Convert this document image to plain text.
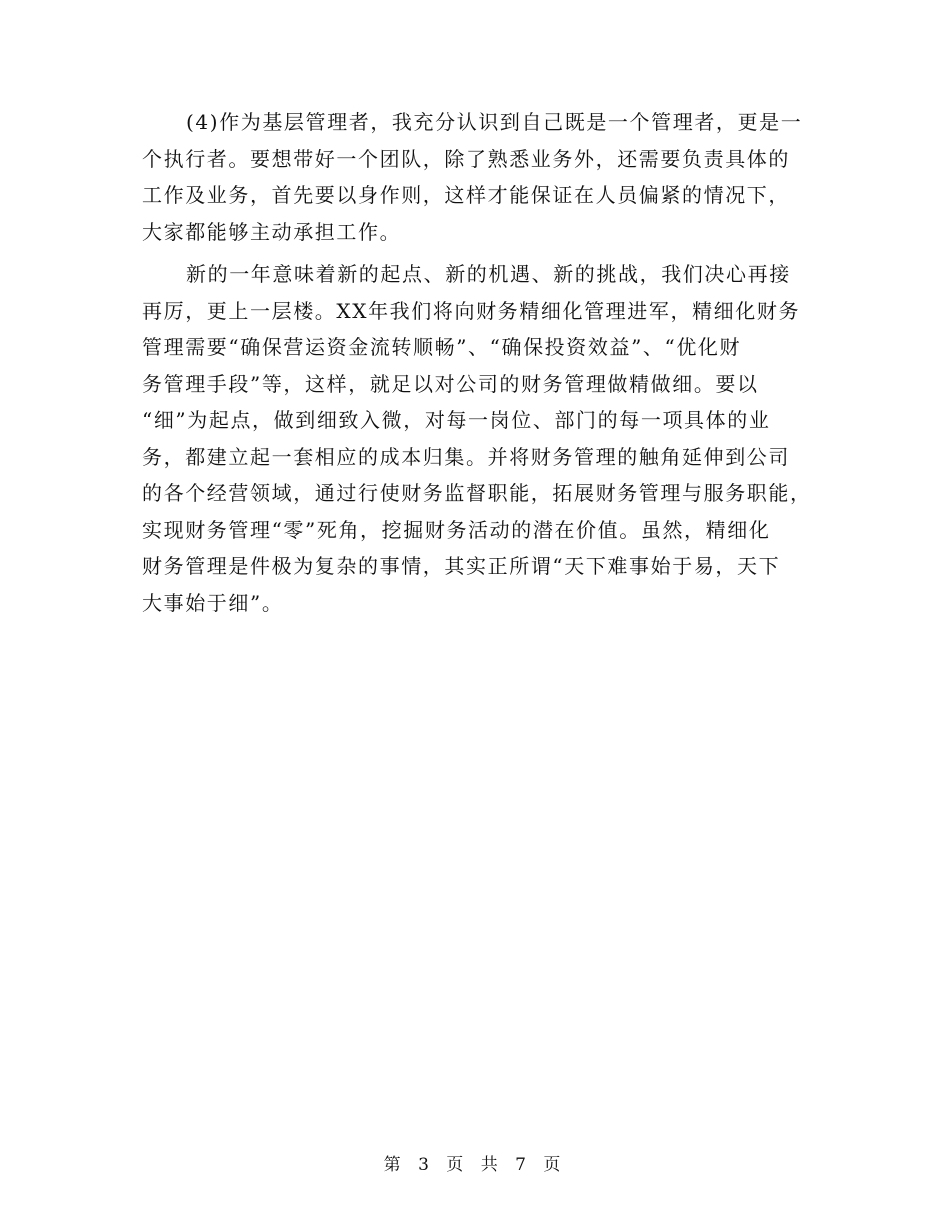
(4)作为基层管理者，我充分认识到自己既是一个管理者，更是一
个执行者。要想带好一个团队，除了熟悉业务外，还需要负责具体的
工作及业务，首先要以身作则，这样才能保证在人员偏紧的情况下，
大家都能够主动承担工作。
新的一年意味着新的起点、新的机遇、新的挑战，我们决心再接
再厉，更上一层楼。XX年我们将向财务精细化管理进军，精细化财务
管理需要“确保营运资金流转顺畅”、“确保投资效益”、“优化财
务管理手段”等，这样，就足以对公司的财务管理做精做细。要以
“细”为起点，做到细致入微，对每一岗位、部门的每一项具体的业
务，都建立起一套相应的成本归集。并将财务管理的触角延伸到公司
的各个经营领域，通过行使财务监督职能，拓展财务管理与服务职能，
实现财务管理“零”死角，挖掘财务活动的潜在价值。虽然，精细化
财务管理是件极为复杂的事情，其实正所谓“天下难事始于易，天下
大事始于细”。
第 3 页 共 7 页
